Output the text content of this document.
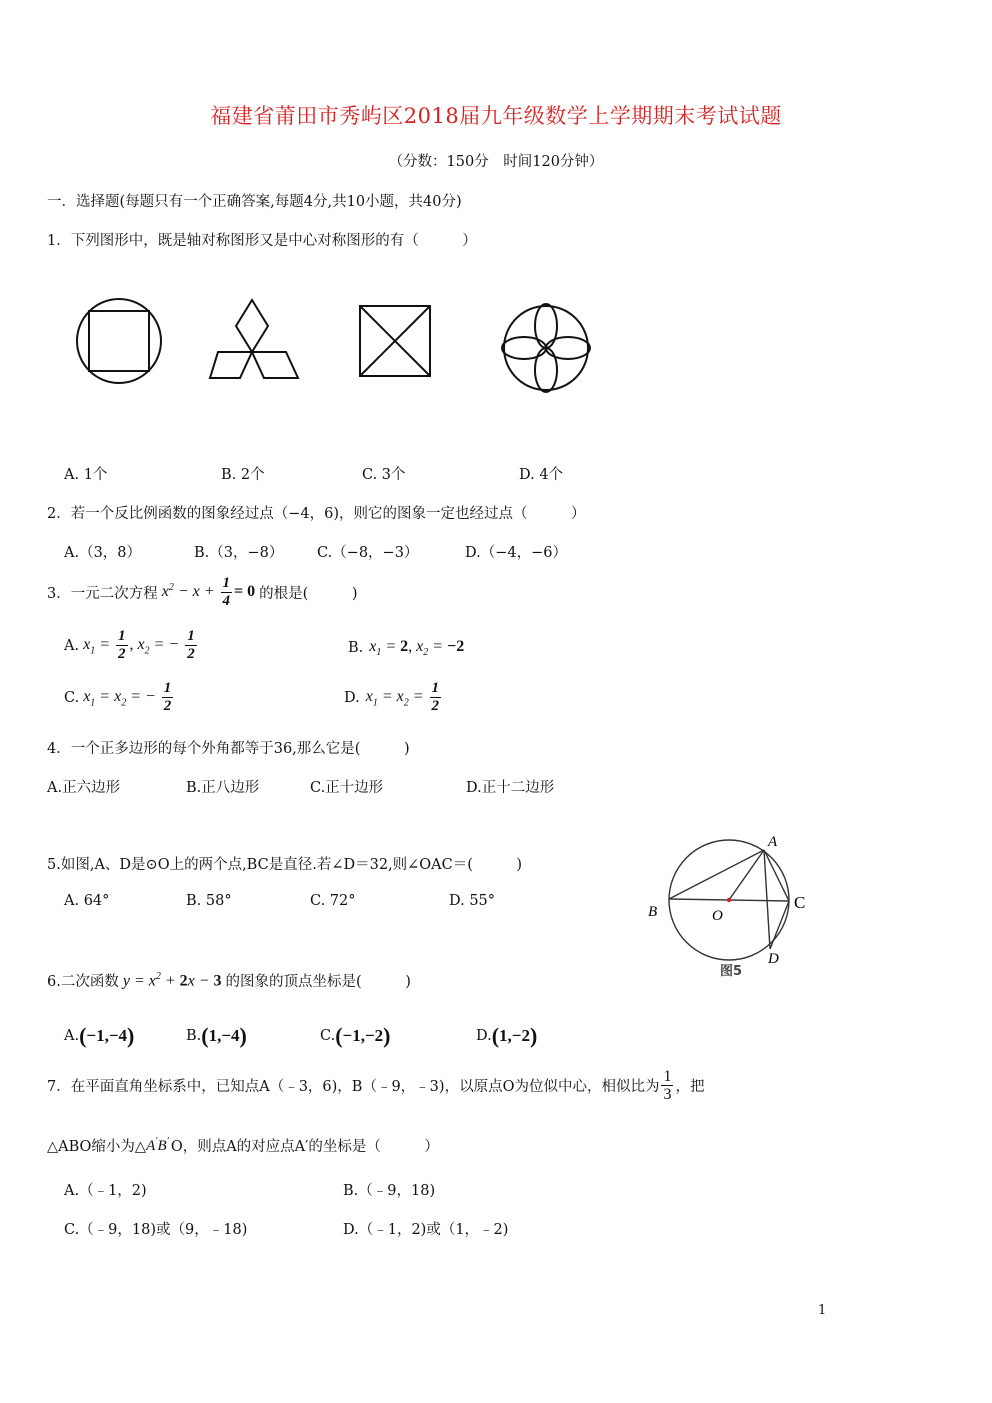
福建省莆田市秀屿区2018届九年级数学上学期期末考试试题
（分数：150分　时间120分钟）
一．选择题(每题只有一个正确答案,每题4分,共10小题，共40分)
1．下列图形中，既是轴对称图形又是中心对称图形的有（　　　）
A. 1个	B. 2个	C. 3个	D. 4个
2．若一个反比例函数的图象经过点（−4，6)，则它的图象一定也经过点（　　　）
A.（3，8）	B.（3，−8） C.（−8，−3）	D.（−4，−6）
3．一元二次方程 $x^2 - x + \frac{1}{4} = 0$ 的根是(　　　)
A. $x_1 = \frac{1}{2}$ , $x_2$ = − $\frac{1}{2}$	B. $x_1 = 2$, $x_2 = -2$
C. $x_1 = x_2$ = − $\frac{1}{2}$	D. $x_1 = x_2 = \frac{1}{2}$
4．一个正多边形的每个外角都等于36,那么它是(　　　)
A.正六边形	B.正八边形	C.正十边形	D.正十二边形
5.如图,A、D是⊙O上的两个点,BC是直径.若∠D＝32,则∠OAC＝(　　　)
A. 64°	B. 58°	C. 72°	D. 55°
A
B	C
D
O
图5
6.二次函数 $y = x^2 + 2x - 3$ 的图象的顶点坐标是(　　　)
A. ( −1,−4 )	B. ( 1,−4 )	C. ( −1,−2 )	D. ( 1,−2 )
7．在平面直角坐标系中，已知点A（﹣3，6)，B（﹣9，﹣3)，以原点O为位似中心，相似比为 $\frac{1}{3}$ ，把
△ABO缩小为△ A′B′ O，则点A的对应点A′的坐标是（　　　）
A.（﹣1，2)	B.（﹣9，18)
C.（﹣9，18)或（9，﹣18)	D.（﹣1，2)或（1，﹣2)
1
